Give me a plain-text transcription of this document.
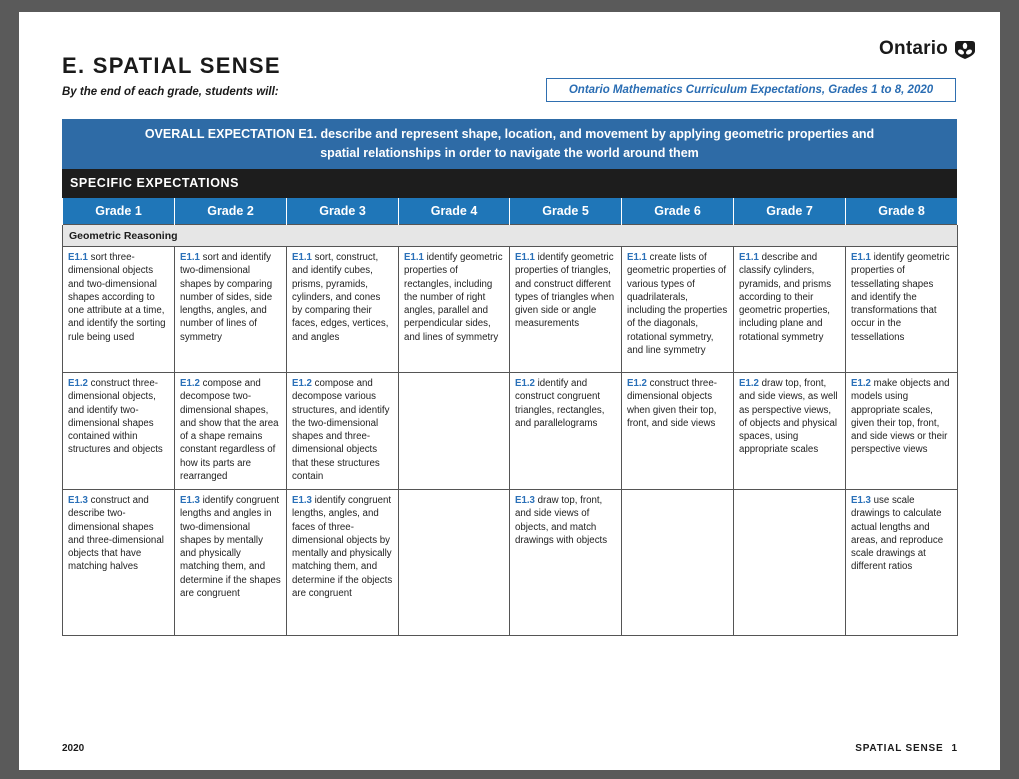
Ontario
E. SPATIAL SENSE
By the end of each grade, students will:	Ontario Mathematics Curriculum Expectations, Grades 1 to 8, 2020
OVERALL EXPECTATION E1. describe and represent shape, location, and movement by applying geometric properties and
spatial relationships in order to navigate the world around them
SPECIFIC EXPECTATIONS
Grade 1	Grade 2	Grade 3	Grade 4	Grade 5	Grade 6	Grade 7	Grade 8
Geometric Reasoning							
E1.1 sort three-dimensional objects and two-dimensional shapes according to one attribute at a time, and identify the sorting rule being used	E1.1 sort and identify two-dimensional shapes by comparing number of sides, side lengths, angles, and number of lines of symmetry	E1.1 sort, construct, and identify cubes, prisms, pyramids, cylinders, and cones by comparing their faces, edges, vertices, and angles	E1.1 identify geometric properties of rectangles, including the number of right angles, parallel and perpendicular sides, and lines of symmetry	E1.1 identify geometric properties of triangles, and construct different types of triangles when given side or angle measurements	E1.1 create lists of geometric properties of various types of quadrilaterals, including the properties of the diagonals, rotational symmetry, and line symmetry	E1.1 describe and classify cylinders, pyramids, and prisms according to their geometric properties, including plane and rotational symmetry	E1.1 identify geometric properties of tessellating shapes and identify the transformations that occur in the tessellations
E1.2 construct three-dimensional objects, and identify two-dimensional shapes contained within structures and objects	E1.2 compose and decompose two-dimensional shapes, and show that the area of a shape remains constant regardless of how its parts are rearranged	E1.2 compose and decompose various structures, and identify the two-dimensional shapes and three-dimensional objects that these structures contain		E1.2 identify and construct congruent triangles, rectangles, and parallelograms	E1.2 construct three-dimensional objects when given their top, front, and side views	E1.2 draw top, front, and side views, as well as perspective views, of objects and physical spaces, using appropriate scales	E1.2 make objects and models using appropriate scales, given their top, front, and side views or their perspective views
E1.3 construct and describe two-dimensional shapes and three-dimensional objects that have matching halves	E1.3 identify congruent lengths and angles in two-dimensional shapes by mentally and physically matching them, and determine if the shapes are congruent	E1.3 identify congruent lengths, angles, and faces of three-dimensional objects by mentally and physically matching them, and determine if the objects are congruent		E1.3 draw top, front, and side views of objects, and match drawings with objects			E1.3 use scale drawings to calculate actual lengths and areas, and reproduce scale drawings at different ratios
2020	SPATIAL SENSE 1
